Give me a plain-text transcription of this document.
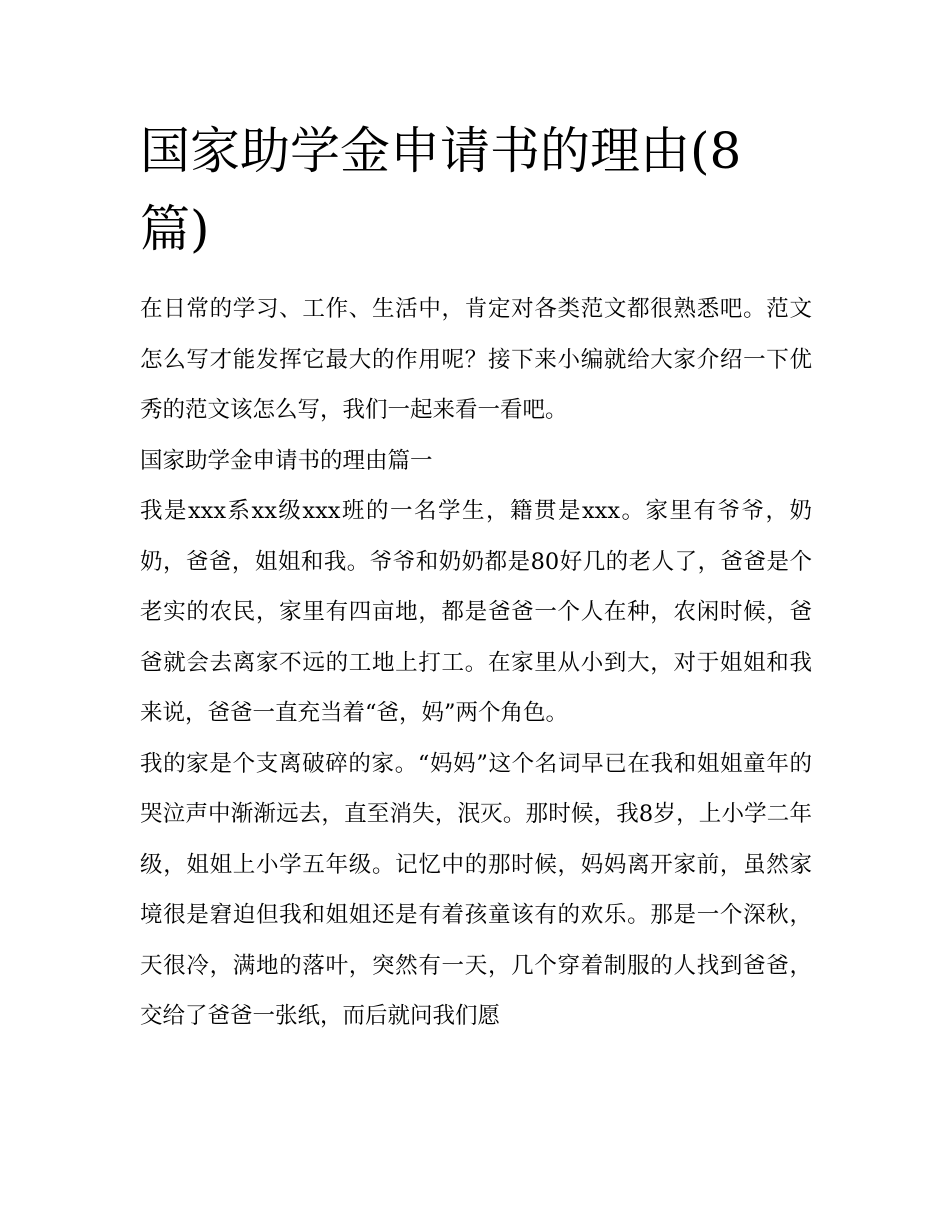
国家助学金申请书的理由(8篇)

在日常的学习、工作、生活中，肯定对各类范文都很熟悉吧。范文怎么写才能发挥它最大的作用呢？接下来小编就给大家介绍一下优秀的范文该怎么写，我们一起来看一看吧。

国家助学金申请书的理由篇一

我是xxx系xx级xxx班的一名学生，籍贯是xxx。家里有爷爷，奶奶，爸爸，姐姐和我。爷爷和奶奶都是80好几的老人了，爸爸是个老实的农民，家里有四亩地，都是爸爸一个人在种，农闲时候，爸爸就会去离家不远的工地上打工。在家里从小到大，对于姐姐和我来说，爸爸一直充当着“爸，妈”两个角色。

我的家是个支离破碎的家。“妈妈”这个名词早已在我和姐姐童年的哭泣声中渐渐远去，直至消失，泯灭。那时候，我8岁，上小学二年级，姐姐上小学五年级。记忆中的那时候，妈妈离开家前，虽然家境很是窘迫但我和姐姐还是有着孩童该有的欢乐。那是一个深秋，天很冷，满地的落叶，突然有一天，几个穿着制服的人找到爸爸，交给了爸爸一张纸，而后就问我们愿
